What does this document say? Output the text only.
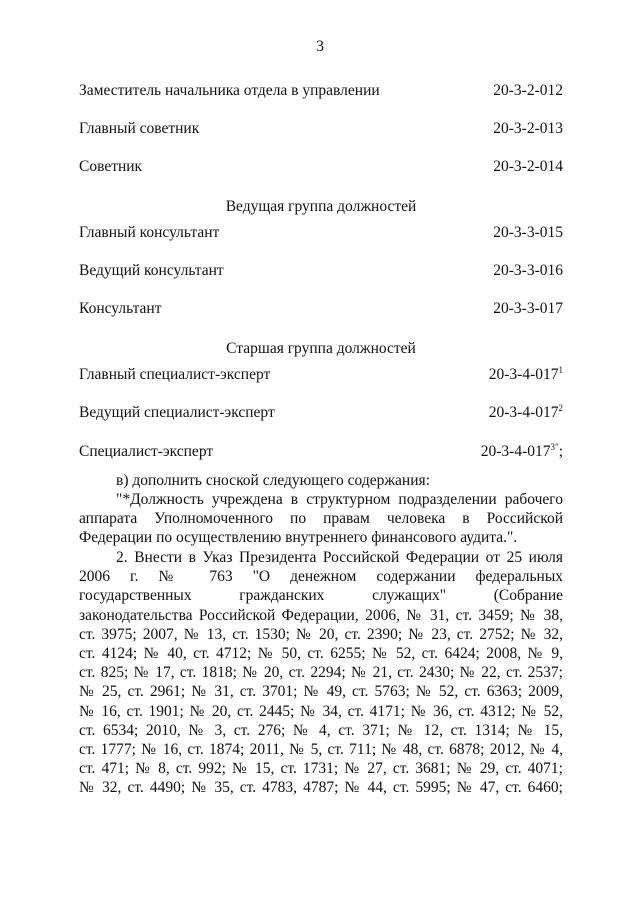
3
Заместитель начальника отдела в управлении	20-3-2-012
Главный советник	20-3-2-013
Советник	20-3-2-014
Ведущая группа должностей
Главный консультант	20-3-3-015
Ведущий консультант	20-3-3-016
Консультант	20-3-3-017
Старшая группа должностей
Главный специалист-эксперт	$20-3-4-017^1$
Ведущий специалист-эксперт	$20-3-4-017^2$
Специалист-эксперт	$20-3-4-017^{3"}$;
в) дополнить сноской следующего содержания:
"*Должность учреждена в структурном подразделении рабочего
аппарата Уполномоченного по правам человека в Российской
Федерации по осуществлению внутреннего финансового аудита.".
2. Внести в Указ Президента Российской Федерации от 25 июля
2006 г. № 763 "О денежном содержании федеральных
государственных гражданских служащих" (Собрание
законодательства Российской Федерации, 2006, № 31, ст. 3459; № 38,
ст. 3975; 2007, № 13, ст. 1530; № 20, ст. 2390; № 23, ст. 2752; № 32,
ст. 4124; № 40, ст. 4712; № 50, ст. 6255; № 52, ст. 6424; 2008, № 9,
ст. 825; № 17, ст. 1818; № 20, ст. 2294; № 21, ст. 2430; № 22, ст. 2537;
№ 25, ст. 2961; № 31, ст. 3701; № 49, ст. 5763; № 52, ст. 6363; 2009,
№ 16, ст. 1901; № 20, ст. 2445; № 34, ст. 4171; № 36, ст. 4312; № 52,
ст. 6534; 2010, № 3, ст. 276; № 4, ст. 371; № 12, ст. 1314; № 15,
ст. 1777; № 16, ст. 1874; 2011, № 5, ст. 711; № 48, ст. 6878; 2012, № 4,
ст. 471; № 8, ст. 992; № 15, ст. 1731; № 27, ст. 3681; № 29, ст. 4071;
№ 32, ст. 4490; № 35, ст. 4783, 4787; № 44, ст. 5995; № 47, ст. 6460;
